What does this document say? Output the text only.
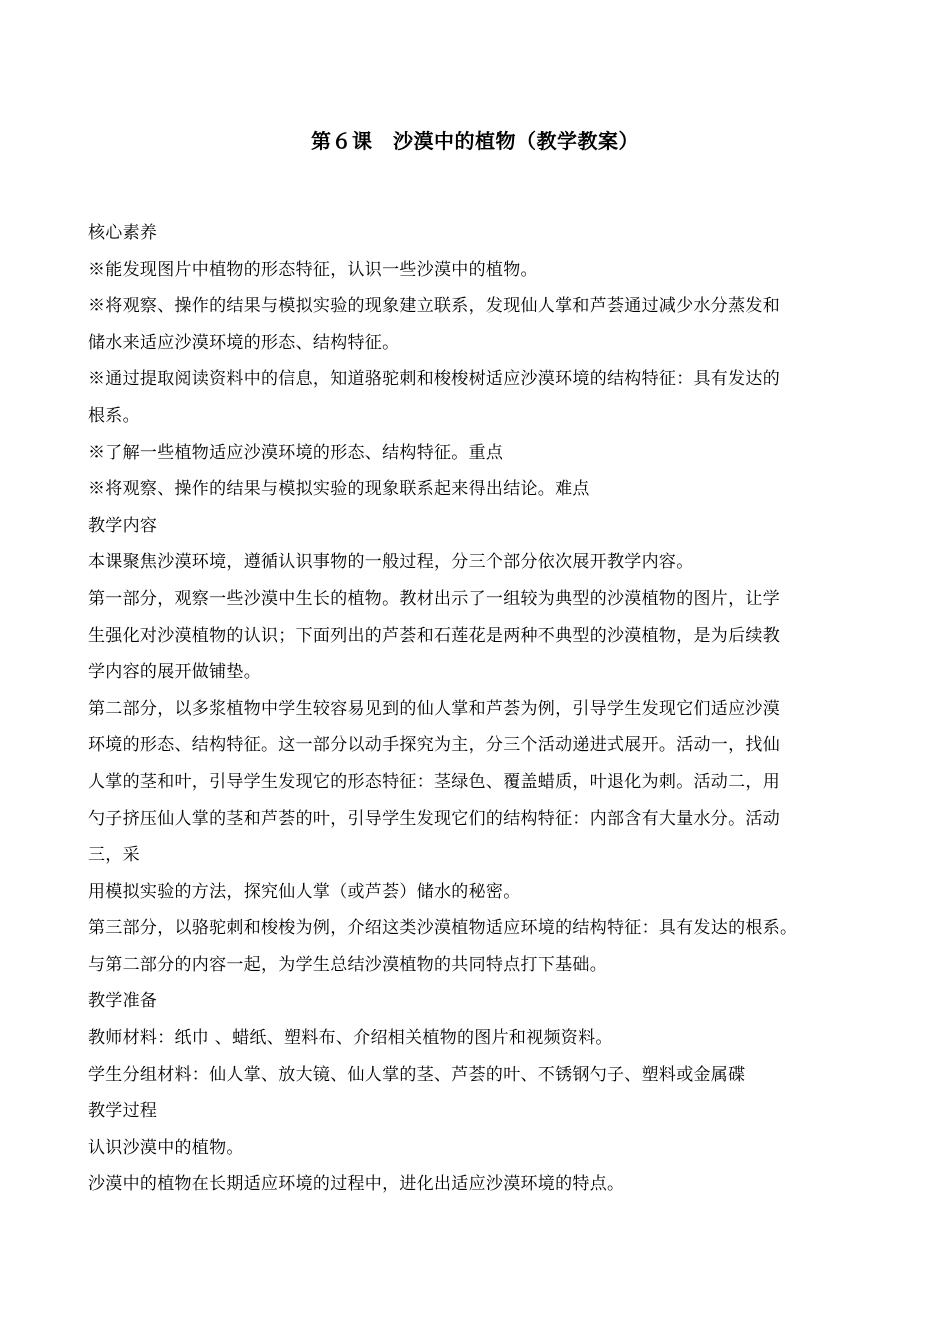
第６课　沙漠中的植物（教学教案）
核心素养
※能发现图片中植物的形态特征，认识一些沙漠中的植物。
※将观察、操作的结果与模拟实验的现象建立联系，发现仙人掌和芦荟通过减少水分蒸发和
储水来适应沙漠环境的形态、结构特征。
※通过提取阅读资料中的信息，知道骆驼刺和梭梭树适应沙漠环境的结构特征：具有发达的
根系。
※了解一些植物适应沙漠环境的形态、结构特征。重点
※将观察、操作的结果与模拟实验的现象联系起来得出结论。难点
教学内容
本课聚焦沙漠环境，遵循认识事物的一般过程，分三个部分依次展开教学内容。
第一部分，观察一些沙漠中生长的植物。教材出示了一组较为典型的沙漠植物的图片，让学
生强化对沙漠植物的认识；下面列出的芦荟和石莲花是两种不典型的沙漠植物，是为后续教
学内容的展开做铺垫。
第二部分，以多浆植物中学生较容易见到的仙人掌和芦荟为例，引导学生发现它们适应沙漠
环境的形态、结构特征。这一部分以动手探究为主，分三个活动递进式展开。活动一，找仙
人掌的茎和叶，引导学生发现它的形态特征：茎绿色、覆盖蜡质，叶退化为刺。活动二，用
勺子挤压仙人掌的茎和芦荟的叶，引导学生发现它们的结构特征：内部含有大量水分。活动
三，采
用模拟实验的方法，探究仙人掌（或芦荟）储水的秘密。
第三部分，以骆驼刺和梭梭为例，介绍这类沙漠植物适应环境的结构特征：具有发达的根系。
与第二部分的内容一起，为学生总结沙漠植物的共同特点打下基础。
教学准备
教师材料：纸巾 、蜡纸、塑料布、介绍相关植物的图片和视频资料。
学生分组材料：仙人掌、放大镜、仙人掌的茎、芦荟的叶、不锈钢勺子、塑料或金属碟
教学过程
认识沙漠中的植物。
沙漠中的植物在长期适应环境的过程中，进化出适应沙漠环境的特点。
